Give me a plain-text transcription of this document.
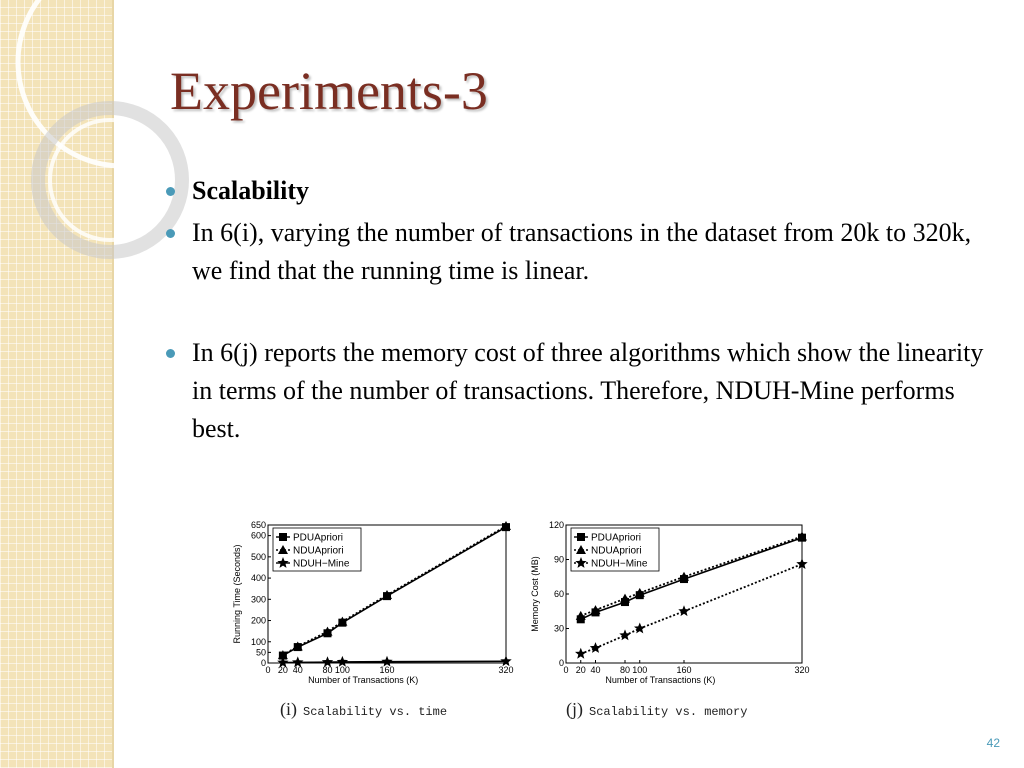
Experiments-3
Scalability
In 6(i), varying the number of transactions in the dataset from 20k to 320k, we find that the running time is linear.
In 6(j) reports the memory cost of three algorithms which show the linearity in terms of the number of transactions. Therefore, NDUH-Mine performs best.
0
50
100
200
300
400
500
600
650
0 20 40 80 100	160	320
Number of Transactions (K)
Running Time (Seconds)
PDUApriori
NDUApriori
NDUH−Mine
(i) Scalability vs. time
0
30
60
90
120
0 20 40 80 100	160	320
Number of Transactions (K)
Memory Cost (MB)
PDUApriori
NDUApriori
NDUH−Mine
(j) Scalability vs. memory
42
